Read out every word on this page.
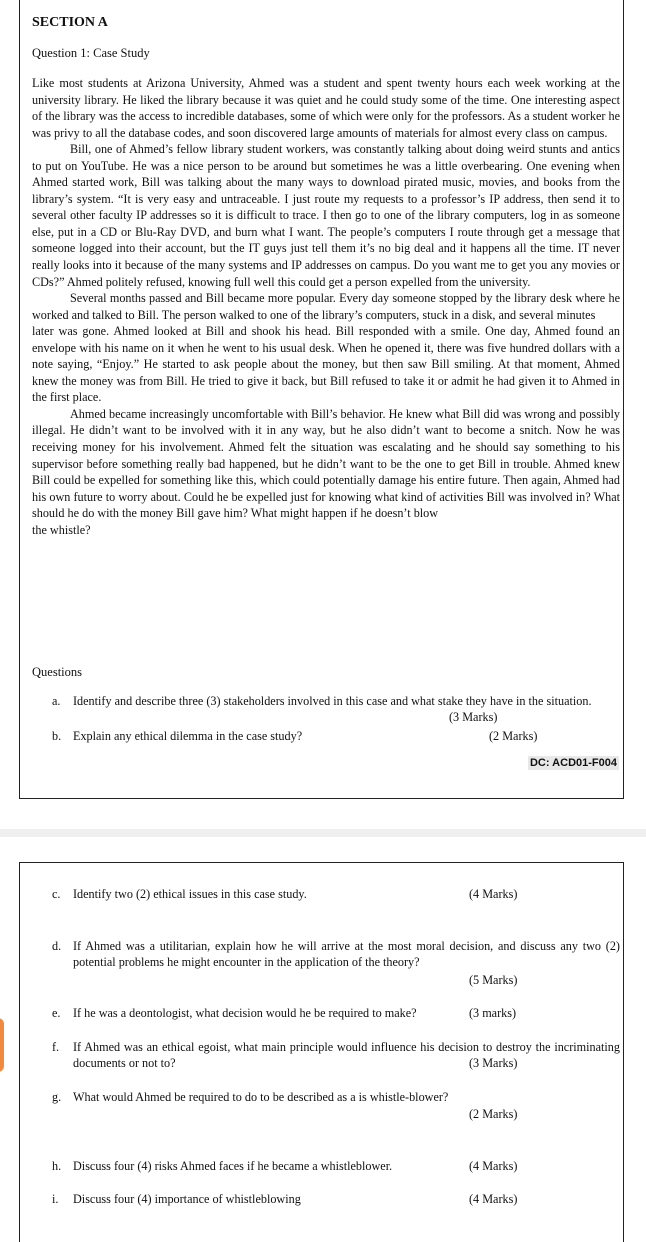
SECTION A
Question 1: Case Study

Like most students at Arizona University, Ahmed was a student and spent twenty hours each week working at the university library. He liked the library because it was quiet and he could study some of the time. One interesting aspect of the library was the access to incredible databases, some of which were only for the professors. As a student worker he was privy to all the database codes, and soon discovered large amounts of materials for almost every class on campus.

Bill, one of Ahmed’s fellow library student workers, was constantly talking about doing weird stunts and antics to put on YouTube. He was a nice person to be around but sometimes he was a little overbearing. One evening when Ahmed started work, Bill was talking about the many ways to download pirated music, movies, and books from the library’s system. “It is very easy and untraceable. I just route my requests to a professor’s IP address, then send it to several other faculty IP addresses so it is difficult to trace. I then go to one of the library computers, log in as someone else, put in a CD or Blu-Ray DVD, and burn what I want. The people’s computers I route through get a message that someone logged into their account, but the IT guys just tell them it’s no big deal and it happens all the time. IT never really looks into it because of the many systems and IP addresses on campus. Do you want me to get you any movies or CDs?” Ahmed politely refused, knowing full well this could get a person expelled from the university.

Several months passed and Bill became more popular. Every day someone stopped by the library desk where he worked and talked to Bill. The person walked to one of the library’s computers, stuck in a disk, and several minutes

later was gone. Ahmed looked at Bill and shook his head. Bill responded with a smile. One day, Ahmed found an envelope with his name on it when he went to his usual desk. When he opened it, there was five hundred dollars with a note saying, “Enjoy.” He started to ask people about the money, but then saw Bill smiling. At that moment, Ahmed knew the money was from Bill. He tried to give it back, but Bill refused to take it or admit he had given it to Ahmed in the first place.

Ahmed became increasingly uncomfortable with Bill’s behavior. He knew what Bill did was wrong and possibly illegal. He didn’t want to be involved with it in any way, but he also didn’t want to become a snitch. Now he was receiving money for his involvement. Ahmed felt the situation was escalating and he should say something to his supervisor before something really bad happened, but he didn’t want to be the one to get Bill in trouble. Ahmed knew Bill could be expelled for something like this, which could potentially damage his entire future. Then again, Ahmed had his own future to worry about. Could he be expelled just for knowing what kind of activities Bill was involved in? What should he do with the money Bill gave him? What might happen if he doesn’t blow

the whistle?

Questions
a. Identify and describe three (3) stakeholders involved in this case and what stake they have in the situation.
(3 Marks)
b. Explain any ethical dilemma in the case study?	(2 Marks)
DC: ACD01-F004
c. Identify two (2) ethical issues in this case study.	(4 Marks)
d. If Ahmed was a utilitarian, explain how he will arrive at the most moral decision, and discuss any two (2) potential problems he might encounter in the application of the theory?
(5 Marks)
e. If he was a deontologist, what decision would he be required to make?	(3 marks)
f. If Ahmed was an ethical egoist, what main principle would influence his decision to destroy the incriminating documents or not to?	(3 Marks)
g. What would Ahmed be required to do to be described as a is whistle-blower?
(2 Marks)
h. Discuss four (4) risks Ahmed faces if he became a whistleblower.	(4 Marks)
i. Discuss four (4) importance of whistleblowing	(4 Marks)
